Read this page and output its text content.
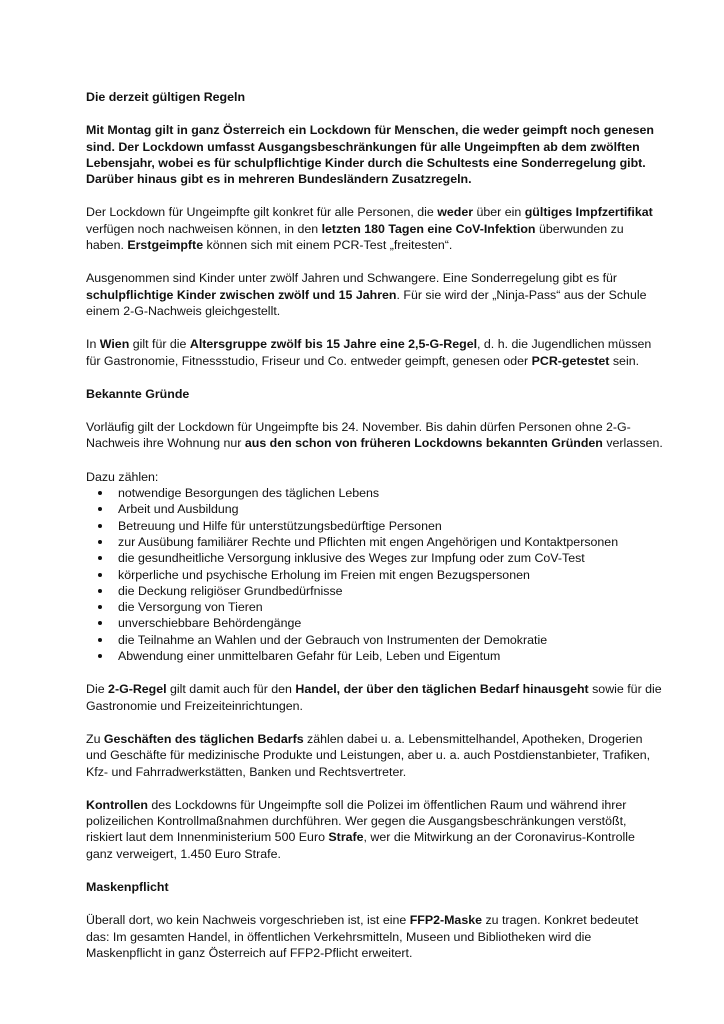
Die derzeit gültigen Regeln
Mit Montag gilt in ganz Österreich ein Lockdown für Menschen, die weder geimpft noch genesen sind. Der Lockdown umfasst Ausgangsbeschränkungen für alle Ungeimpften ab dem zwölften Lebensjahr, wobei es für schulpflichtige Kinder durch die Schultests eine Sonderregelung gibt. Darüber hinaus gibt es in mehreren Bundesländern Zusatzregeln.
Der Lockdown für Ungeimpfte gilt konkret für alle Personen, die weder über ein gültiges Impfzertifikat verfügen noch nachweisen können, in den letzten 180 Tagen eine CoV-Infektion überwunden zu haben. Erstgeimpfte können sich mit einem PCR-Test „freitesten“.
Ausgenommen sind Kinder unter zwölf Jahren und Schwangere. Eine Sonderregelung gibt es für schulpflichtige Kinder zwischen zwölf und 15 Jahren. Für sie wird der „Ninja-Pass“ aus der Schule einem 2-G-Nachweis gleichgestellt.
In Wien gilt für die Altersgruppe zwölf bis 15 Jahre eine 2,5-G-Regel, d. h. die Jugendlichen müssen für Gastronomie, Fitnessstudio, Friseur und Co. entweder geimpft, genesen oder PCR-getestet sein.
Bekannte Gründe
Vorläufig gilt der Lockdown für Ungeimpfte bis 24. November. Bis dahin dürfen Personen ohne 2-G-Nachweis ihre Wohnung nur aus den schon von früheren Lockdowns bekannten Gründen verlassen.
Dazu zählen:
notwendige Besorgungen des täglichen Lebens
Arbeit und Ausbildung
Betreuung und Hilfe für unterstützungsbedürftige Personen
zur Ausübung familiärer Rechte und Pflichten mit engen Angehörigen und Kontaktpersonen
die gesundheitliche Versorgung inklusive des Weges zur Impfung oder zum CoV-Test
körperliche und psychische Erholung im Freien mit engen Bezugspersonen
die Deckung religiöser Grundbedürfnisse
die Versorgung von Tieren
unverschiebbare Behördengänge
die Teilnahme an Wahlen und der Gebrauch von Instrumenten der Demokratie
Abwendung einer unmittelbaren Gefahr für Leib, Leben und Eigentum
Die 2-G-Regel gilt damit auch für den Handel, der über den täglichen Bedarf hinausgeht sowie für die Gastronomie und Freizeiteinrichtungen.
Zu Geschäften des täglichen Bedarfs zählen dabei u. a. Lebensmittelhandel, Apotheken, Drogerien und Geschäfte für medizinische Produkte und Leistungen, aber u. a. auch Postdienstanbieter, Trafiken, Kfz- und Fahrradwerkstätten, Banken und Rechtsvertreter.
Kontrollen des Lockdowns für Ungeimpfte soll die Polizei im öffentlichen Raum und während ihrer polizeilichen Kontrollmaßnahmen durchführen. Wer gegen die Ausgangsbeschränkungen verstößt, riskiert laut dem Innenministerium 500 Euro Strafe, wer die Mitwirkung an der Coronavirus-Kontrolle ganz verweigert, 1.450 Euro Strafe.
Maskenpflicht
Überall dort, wo kein Nachweis vorgeschrieben ist, ist eine FFP2-Maske zu tragen. Konkret bedeutet das: Im gesamten Handel, in öffentlichen Verkehrsmitteln, Museen und Bibliotheken wird die Maskenpflicht in ganz Österreich auf FFP2-Pflicht erweitert.
